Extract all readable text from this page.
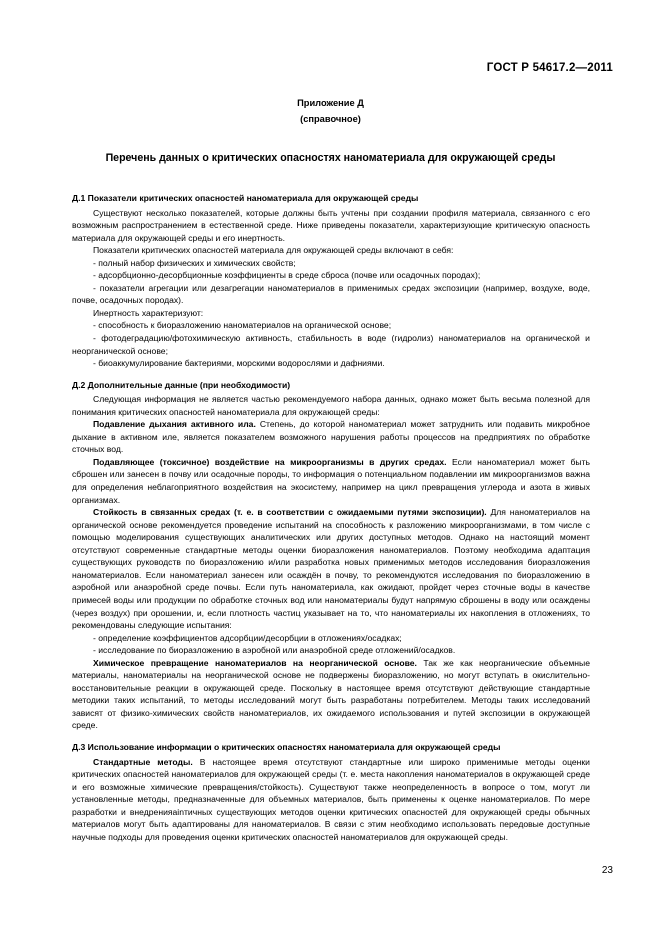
ГОСТ Р 54617.2—2011
Приложение Д
(справочное)
Перечень данных о критических опасностях наноматериала для окружающей среды
Д.1 Показатели критических опасностей наноматериала для окружающей среды

Существуют несколько показателей, которые должны быть учтены при создании профиля материала, связанного с его возможным распространением в естественной среде. Ниже приведены показатели, характеризующие критическую опасность материала для окружающей среды и его инертность.

Показатели критических опасностей материала для окружающей среды включают в себя:

- полный набор физических и химических свойств;

- адсорбционно-десорбционные коэффициенты в среде сброса (почве или осадочных породах);

- показатели агрегации или дезагрегации наноматериалов в применимых средах экспозиции (например, воздухе, воде, почве, осадочных породах).

Инертность характеризуют:

- способность к биоразложению наноматериалов на органической основе;

- фотодеградацию/фотохимическую активность, стабильность в воде (гидролиз) наноматериалов на органической и неорганической основе;

- биоаккумулирование бактериями, морскими водорослями и дафниями.

Д.2 Дополнительные данные (при необходимости)

Следующая информация не является частью рекомендуемого набора данных, однако может быть весьма полезной для понимания критических опасностей наноматериала для окружающей среды:

Подавление дыхания активного ила. Степень, до которой наноматериал может затруднить или подавить микробное дыхание в активном иле, является показателем возможного нарушения работы процессов на предприятиях по обработке сточных вод.

Подавляющее (токсичное) воздействие на микроорганизмы в других средах. Если наноматериал может быть сброшен или занесен в почву или осадочные породы, то информация о потенциальном подавлении им микроорганизмов важна для определения неблагоприятного воздействия на экосистему, например на цикл превращения углерода и азота в живых организмах.

Стойкость в связанных средах (т. е. в соответствии с ожидаемыми путями экспозиции). Для наноматериалов на органической основе рекомендуется проведение испытаний на способность к разложению микроорганизмами, в том числе с помощью моделирования существующих аналитических или других доступных методов. Однако на настоящий момент отсутствуют современные стандартные методы оценки биоразложения наноматериалов. Поэтому необходима адаптация существующих руководств по биоразложению и/или разработка новых применимых методов исследования биоразложения наноматериалов. Если наноматериал занесен или осаждён в почву, то рекомендуются исследования по биоразложению в аэробной или анаэробной среде почвы. Если путь наноматериала, как ожидают, пройдет через сточные воды в качестве примесей воды или продукции по обработке сточных вод или наноматериалы будут напрямую сброшены в воду или осаждены (через воздух) при орошении, и, если плотность частиц указывает на то, что наноматериалы их накопления в отложениях, то рекомендованы следующие испытания:

- определение коэффициентов адсорбции/десорбции в отложениях/осадках;

- исследование по биоразложению в аэробной или анаэробной среде отложений/осадков.

Химическое превращение наноматериалов на неорганической основе. Так же как неорганические объемные материалы, наноматериалы на неорганической основе не подвержены биоразложению, но могут вступать в окислительно-восстановительные реакции в окружающей среде. Поскольку в настоящее время отсутствуют действующие стандартные методики таких испытаний, то методы исследований могут быть разработаны потребителем. Методы таких исследований зависят от физико-химических свойств наноматериалов, их ожидаемого использования и путей экспозиции в окружающей среде.

Д.3 Использование информации о критических опасностях наноматериала для окружающей среды

Стандартные методы. В настоящее время отсутствуют стандартные или широко применимые методы оценки критических опасностей наноматериалов для окружающей среды (т. е. места накопления наноматериалов в окружающей среде и его возможные химические превращения/стойкость). Существуют также неопределенность в вопросе о том, могут ли установленные методы, предназначенные для объемных материалов, быть применены к оценке наноматериалов. По мере разработки и внедренияainтичных существующих методов оценки критических опасностей для окружающей среды обычных материалов могут быть адаптированы для наноматериалов. В связи с этим необходимо использовать передовые доступные научные подходы для проведения оценки критических опасностей наноматериалов для окружающей среды.

23
